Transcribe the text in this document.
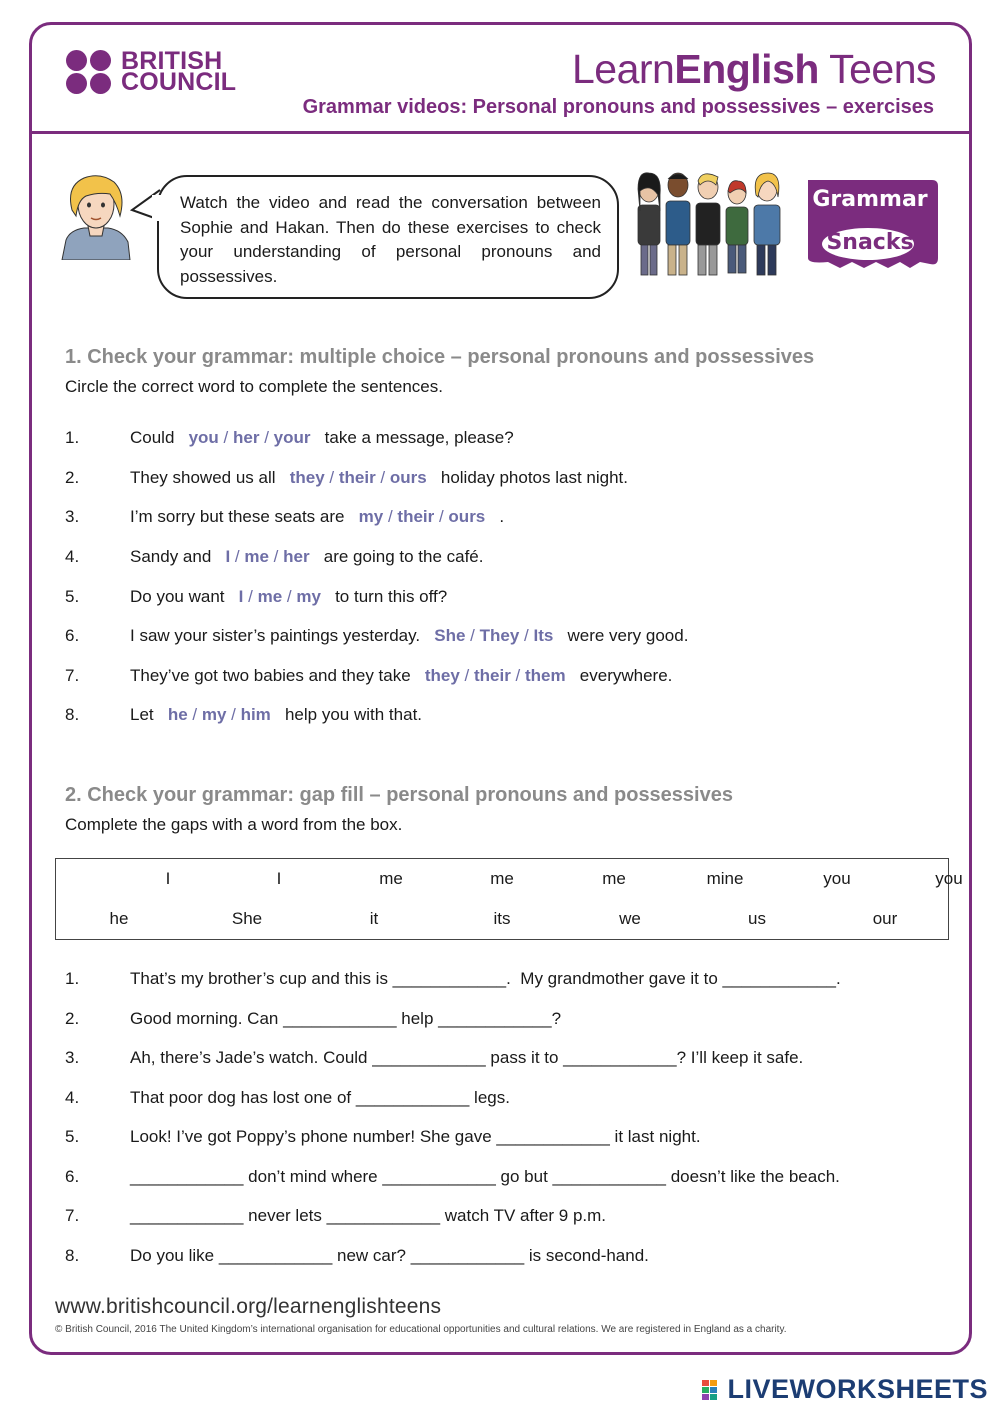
BRITISH
COUNCIL	LearnEnglish Teens
Grammar videos: Personal pronouns and possessives – exercises

Watch the video and read the conversation between Sophie and Hakan. Then do these exercises to check your understanding of personal pronouns and possessives.

Grammar
Snacks
1. Check your grammar: multiple choice – personal pronouns and possessives
Circle the correct word to complete the sentences.
1.	Could   you / her / your   take a message, please?
2.	They showed us all   they / their / ours   holiday photos last night.
3.	I’m sorry but these seats are   my / their / ours   .
4.	Sandy and   I / me / her   are going to the café.
5.	Do you want   I / me / my   to turn this off?
6.	I saw your sister’s paintings yesterday.   She / They / Its   were very good.
7.	They’ve got two babies and they take   they / their / them   everywhere.
8.	Let   he / my / him   help you with that.
2. Check your grammar: gap fill – personal pronouns and possessives
Complete the gaps with a word from the box.
I	I	me	me	me	mine	you	you
he	She	it	its	we	us	our
1.	That’s my brother’s cup and this is ____________.  My grandmother gave it to ____________.
2.	Good morning. Can ____________ help ____________?
3.	Ah, there’s Jade’s watch. Could ____________ pass it to ____________? I’ll keep it safe.
4.	That poor dog has lost one of ____________ legs.
5.	Look! I’ve got Poppy’s phone number! She gave ____________ it last night.
6.	____________ don’t mind where ____________ go but ____________ doesn’t like the beach.
7.	____________ never lets ____________ watch TV after 9 p.m.
8.	Do you like ____________ new car? ____________ is second-hand.
www.britishcouncil.org/learnenglishteens
© British Council, 2016 The United Kingdom’s international organisation for educational opportunities and cultural relations. We are registered in England as a charity.
LIVEWORKSHEETS
